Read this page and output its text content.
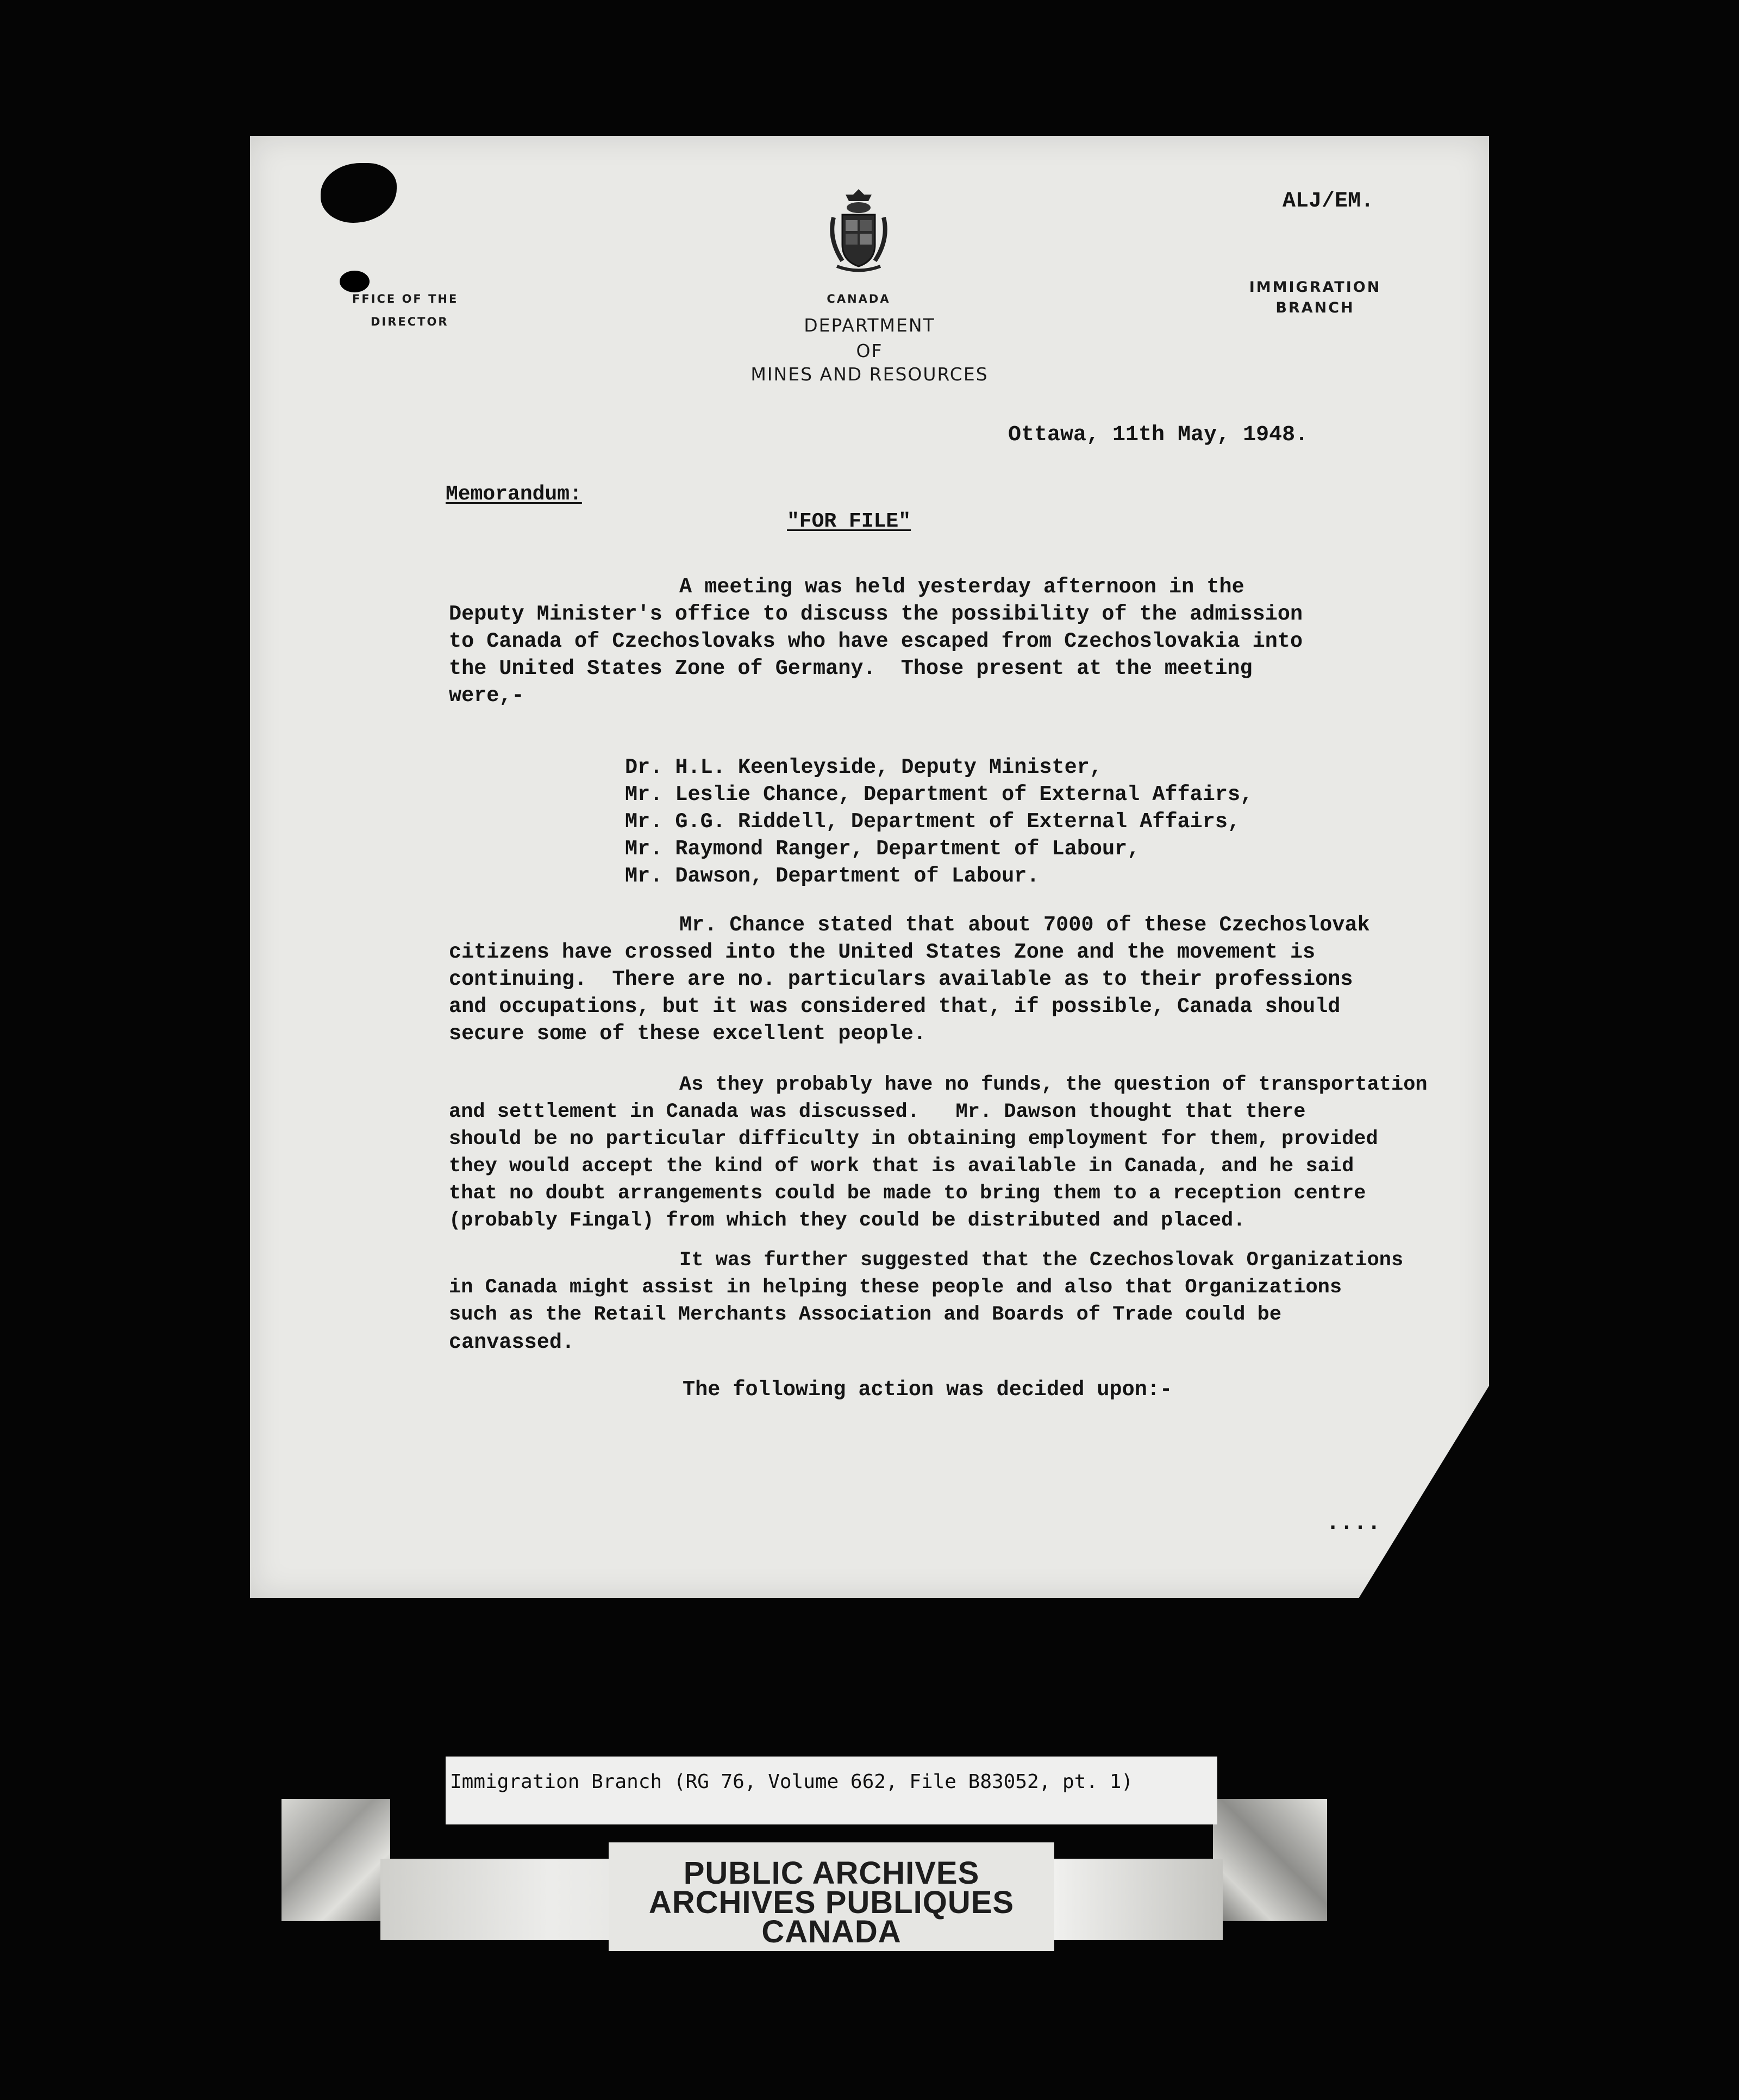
FFICE OF THE
DIRECTOR
CANADA
DEPARTMENT
OF
MINES AND RESOURCES
IMMIGRATION
BRANCH
ALJ/EM.
Ottawa, 11th May, 1948.
Memorandum:
"FOR FILE"
A meeting was held yesterday afternoon in the
Deputy Minister's office to discuss the possibility of the admission
to Canada of Czechoslovaks who have escaped from Czechoslovakia into
the United States Zone of Germany.  Those present at the meeting
were,-
Dr. H.L. Keenleyside, Deputy Minister,
Mr. Leslie Chance, Department of External Affairs,
Mr. G.G. Riddell, Department of External Affairs,
Mr. Raymond Ranger, Department of Labour,
Mr. Dawson, Department of Labour.
Mr. Chance stated that about 7000 of these Czechoslovak
citizens have crossed into the United States Zone and the movement is
continuing.  There are no. particulars available as to their professions
and occupations, but it was considered that, if possible, Canada should
secure some of these excellent people.
As they probably have no funds, the question of transportation
and settlement in Canada was discussed.   Mr. Dawson thought that there
should be no particular difficulty in obtaining employment for them, provided
they would accept the kind of work that is available in Canada, and he said
that no doubt arrangements could be made to bring them to a reception centre
(probably Fingal) from which they could be distributed and placed.
It was further suggested that the Czechoslovak Organizations
in Canada might assist in helping these people and also that Organizations
such as the Retail Merchants Association and Boards of Trade could be
canvassed.
The following action was decided upon:-
....
Immigration Branch (RG 76, Volume 662, File B83052, pt. 1)
PUBLIC ARCHIVES
ARCHIVES PUBLIQUES
CANADA
